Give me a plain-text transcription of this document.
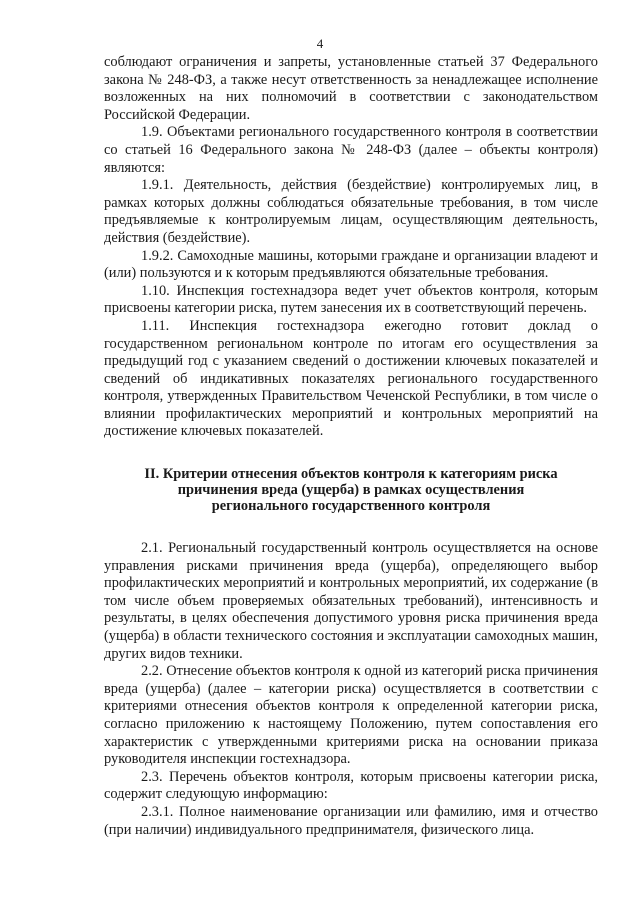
4

соблюдают ограничения и запреты, установленные статьей 37 Федерального закона № 248-ФЗ, а также несут ответственность за ненадлежащее исполнение возложенных на них полномочий в соответствии с законодательством Российской Федерации.

1.9. Объектами регионального государственного контроля в соответствии со статьей 16 Федерального закона № 248-ФЗ (далее – объекты контроля) являются:

1.9.1. Деятельность, действия (бездействие) контролируемых лиц, в рамках которых должны соблюдаться обязательные требования, в том числе предъявляемые к контролируемым лицам, осуществляющим деятельность, действия (бездействие).

1.9.2. Самоходные машины, которыми граждане и организации владеют и (или) пользуются и к которым предъявляются обязательные требования.

1.10. Инспекция гостехнадзора ведет учет объектов контроля, которым присвоены категории риска, путем занесения их в соответствующий перечень.

1.11. Инспекция гостехнадзора ежегодно готовит доклад о государственном региональном контроле по итогам его осуществления за предыдущий год с указанием сведений о достижении ключевых показателей и сведений об индикативных показателях регионального государственного контроля, утвержденных Правительством Чеченской Республики, в том числе о влиянии профилактических мероприятий и контрольных мероприятий на достижение ключевых показателей.

II. Критерии отнесения объектов контроля к категориям риска
причинения вреда (ущерба) в рамках осуществления
регионального государственного контроля

2.1. Региональный государственный контроль осуществляется на основе управления рисками причинения вреда (ущерба), определяющего выбор профилактических мероприятий и контрольных мероприятий, их содержание (в том числе объем проверяемых обязательных требований), интенсивность и результаты, в целях обеспечения допустимого уровня риска причинения вреда (ущерба) в области технического состояния и эксплуатации самоходных машин, других видов техники.

2.2. Отнесение объектов контроля к одной из категорий риска причинения вреда (ущерба) (далее – категории риска) осуществляется в соответствии с критериями отнесения объектов контроля к определенной категории риска, согласно приложению к настоящему Положению, путем сопоставления его характеристик с утвержденными критериями риска на основании приказа руководителя инспекции гостехнадзора.

2.3. Перечень объектов контроля, которым присвоены категории риска, содержит следующую информацию:

2.3.1. Полное наименование организации или фамилию, имя и отчество (при наличии) индивидуального предпринимателя, физического лица.
